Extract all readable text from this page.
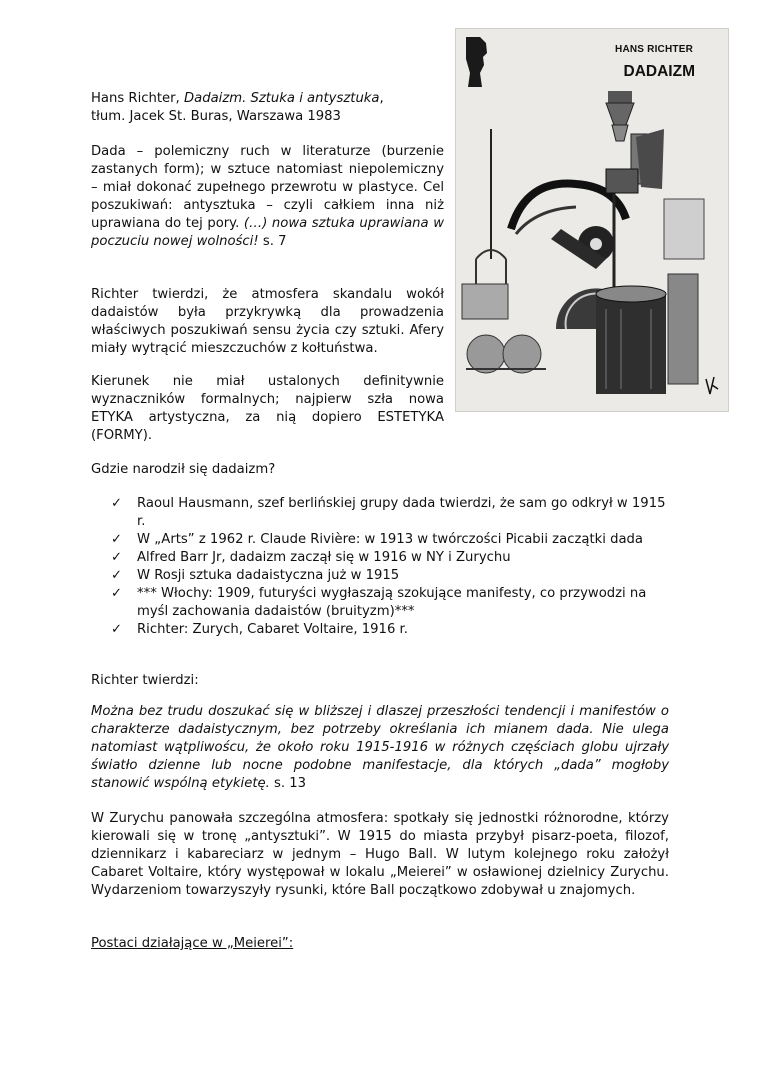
HANS RICHTER
DADAIZM

Hans Richter, Dadaizm. Sztuka i antysztuka,
tłum. Jacek St. Buras, Warszawa 1983

Dada – polemiczny ruch w literaturze (burzenie zastanych form); w sztuce natomiast niepolemiczny – miał dokonać zupełnego przewrotu w plastyce. Cel poszukiwań: antysztuka – czyli całkiem inna niż uprawiana do tej pory. (…) nowa sztuka uprawiana w poczuciu nowej wolności! s. 7

Richter twierdzi, że atmosfera skandalu wokół dadaistów była przykrywką dla prowadzenia właściwych poszukiwań sensu życia czy sztuki. Afery miały wytrącić mieszczuchów z kołtuństwa.

Kierunek nie miał ustalonych definitywnie wyznaczników formalnych; najpierw szła nowa ETYKA artystyczna, za nią dopiero ESTETYKA (FORMY).

Gdzie narodził się dadaizm?

✓ Raoul Hausmann, szef berlińskiej grupy dada twierdzi, że sam go odkrył w 1915 r.
✓ W „Arts” z 1962 r. Claude Rivière: w 1913 w twórczości Picabii zaczątki dada
✓ Alfred Barr Jr, dadaizm zaczął się w 1916 w NY i Zurychu
✓ W Rosji sztuka dadaistyczna już w 1915
✓ *** Włochy: 1909, futuryści wygłaszają szokujące manifesty, co przywodzi na myśl zachowania dadaistów (bruityzm)***
✓ Richter: Zurych, Cabaret Voltaire, 1916 r.

Richter twierdzi:

Można bez trudu doszukać się w bliższej i dlaszej przeszłości tendencji i manifestów o charakterze dadaistycznym, bez potrzeby określania ich mianem dada. Nie ulega natomiast wątpliwoścu, że około roku 1915-1916 w różnych częściach globu ujrzały światło dzienne lub nocne podobne manifestacje, dla których „dada” mogłoby stanowić wspólną etykietę. s. 13

W Zurychu panowała szczególna atmosfera: spotkały się jednostki różnorodne, którzy kierowali się w tronę „antysztuki”. W 1915 do miasta przybył pisarz-poeta, filozof, dziennikarz i kabareciarz w jednym – Hugo Ball. W lutym kolejnego roku założył Cabaret Voltaire, który występował w lokalu „Meierei” w osławionej dzielnicy Zurychu. Wydarzeniom towarzyszyły rysunki, które Ball początkowo zdobywał u znajomych.

Postaci działające w „Meierei”:
